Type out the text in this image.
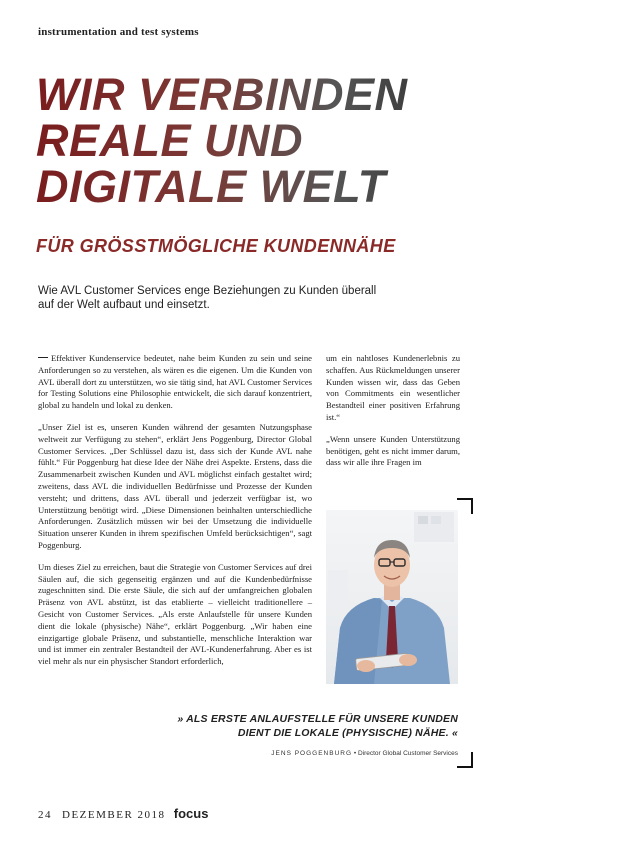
instrumentation and test systems
WIR VERBINDEN
REALE UND
DIGITALE WELT
FÜR GRÖSSTMÖGLICHE KUNDENNÄHE

Wie AVL Customer Services enge Beziehungen zu Kunden überall auf der Welt aufbaut und einsetzt.

Effektiver Kundenservice bedeutet, nahe beim Kunden zu sein und seine Anforderungen so zu verstehen, als wären es die eigenen. Um die Kunden von AVL überall dort zu unterstützen, wo sie tätig sind, hat AVL Customer Services for Testing Solutions eine Philosophie entwickelt, die sich darauf konzentriert, global zu handeln und lokal zu denken.

„Unser Ziel ist es, unseren Kunden während der gesamten Nutzungsphase weltweit zur Verfügung zu stehen“, erklärt Jens Poggenburg, Director Global Customer Services. „Der Schlüssel dazu ist, dass sich der Kunde AVL nahe fühlt.“ Für Poggenburg hat diese Idee der Nähe drei Aspekte. Erstens, dass die Zusammenarbeit zwischen Kunden und AVL möglichst einfach gestaltet wird; zweitens, dass AVL die individuellen Bedürfnisse und Prozesse der Kunden versteht; und drittens, dass AVL überall und jederzeit verfügbar ist, wo Unterstützung benötigt wird. „Diese Dimensionen beinhalten unterschiedliche Anforderungen. Zusätzlich müssen wir bei der Umsetzung die individuelle Situation unserer Kunden in ihrem spezifischen Umfeld berücksichtigen“, sagt Poggenburg.

Um dieses Ziel zu erreichen, baut die Strategie von Customer Services auf drei Säulen auf, die sich gegenseitig ergänzen und auf die Kundenbedürfnisse zugeschnitten sind. Die erste Säule, die sich auf der umfangreichen globalen Präsenz von AVL abstützt, ist das etablierte – vielleicht traditionellere – Gesicht von Customer Services. „Als erste Anlaufstelle für unsere Kunden dient die lokale (physische) Nähe“, erklärt Poggenburg. „Wir haben eine einzigartige globale Präsenz, und substantielle, menschliche Interaktion war und ist immer ein zentraler Bestandteil der AVL-Kundenerfahrung. Aber es ist viel mehr als nur ein physischer Standort erforderlich,

um ein nahtloses Kundenerlebnis zu schaffen. Aus Rückmeldungen unserer Kunden wissen wir, dass das Geben von Commitments ein wesentlicher Bestandteil einer positiven Erfahrung ist.“

„Wenn unsere Kunden Unterstützung benötigen, geht es nicht immer darum, dass wir alle ihre Fragen im

» ALS ERSTE ANLAUFSTELLE FÜR UNSERE KUNDEN DIENT DIE LOKALE (PHYSISCHE) NÄHE. «

JENS POGGENBURG • Director Global Customer Services
24 DEZEMBER 2018 focus
